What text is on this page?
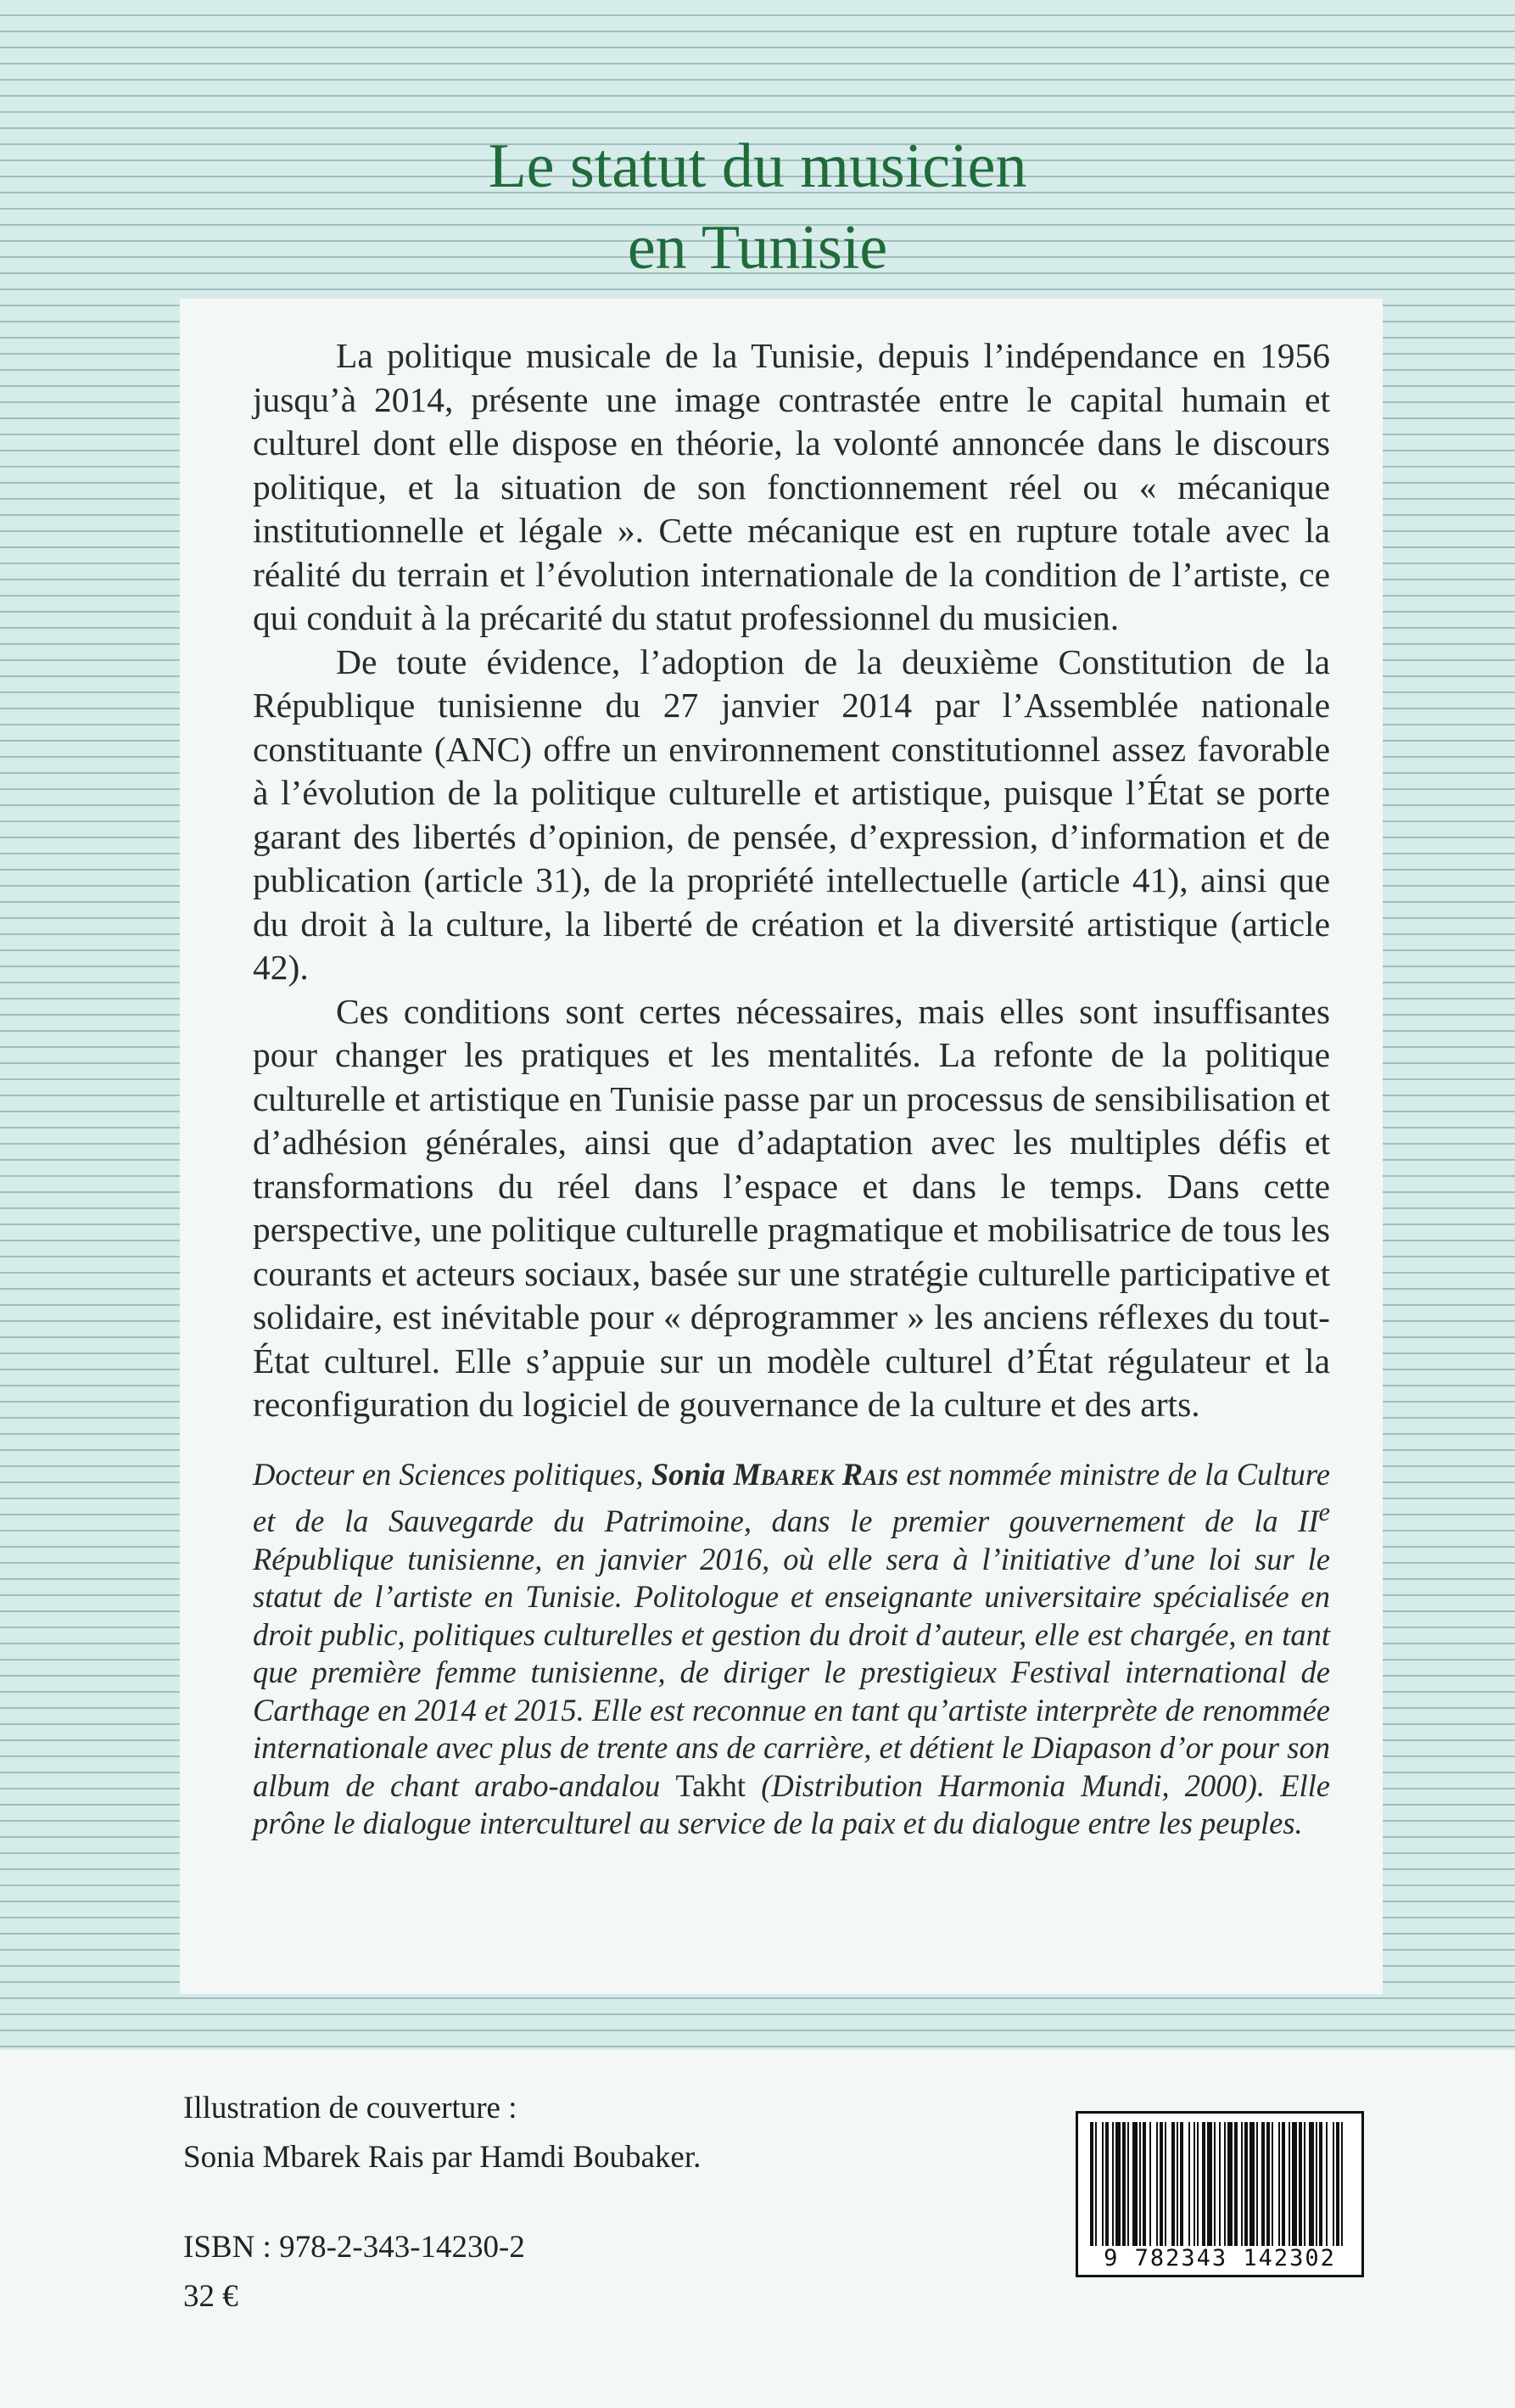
Le statut du musicien
en Tunisie

La politique musicale de la Tunisie, depuis l’indépendance en 1956 jusqu’à 2014, présente une image contrastée entre le capital humain et culturel dont elle dispose en théorie, la volonté annoncée dans le discours politique, et la situation de son fonctionnement réel ou « mécanique institutionnelle et légale ». Cette mécanique est en rupture totale avec la réalité du terrain et l’évolution internationale de la condition de l’artiste, ce qui conduit à la précarité du statut professionnel du musicien.

De toute évidence, l’adoption de la deuxième Constitution de la République tunisienne du 27 janvier 2014 par l’Assemblée nationale constituante (ANC) offre un environnement constitutionnel assez favorable à l’évolution de la politique culturelle et artistique, puisque l’État se porte garant des libertés d’opinion, de pensée, d’expression, d’information et de publication (article 31), de la propriété intellectuelle (article 41), ainsi que du droit à la culture, la liberté de création et la diversité artistique (article 42).

Ces conditions sont certes nécessaires, mais elles sont insuffisantes pour changer les pratiques et les mentalités. La refonte de la politique culturelle et artistique en Tunisie passe par un processus de sensibilisation et d’adhésion générales, ainsi que d’adaptation avec les multiples défis et transformations du réel dans l’espace et dans le temps. Dans cette perspective, une politique culturelle pragmatique et mobilisatrice de tous les courants et acteurs sociaux, basée sur une stratégie culturelle participative et solidaire, est inévitable pour « déprogrammer » les anciens réflexes du tout-État culturel. Elle s’appuie sur un modèle culturel d’État régulateur et la reconfiguration du logiciel de gouvernance de la culture et des arts.

Docteur en Sciences politiques, Sonia Mbarek Rais est nommée ministre de la Culture et de la Sauvegarde du Patrimoine, dans le premier gouvernement de la IIe République tunisienne, en janvier 2016, où elle sera à l’initiative d’une loi sur le statut de l’artiste en Tunisie. Politologue et enseignante universitaire spécialisée en droit public, politiques culturelles et gestion du droit d’auteur, elle est chargée, en tant que première femme tunisienne, de diriger le prestigieux Festival international de Carthage en 2014 et 2015. Elle est reconnue en tant qu’artiste interprète de renommée internationale avec plus de trente ans de carrière, et détient le Diapason d’or pour son album de chant arabo-andalou Takht (Distribution Harmonia Mundi, 2000). Elle prône le dialogue interculturel au service de la paix et du dialogue entre les peuples.
Illustration de couverture :
Sonia Mbarek Rais par Hamdi Boubaker.
ISBN : 978-2-343-14230-2
32 €
9 782343 142302
